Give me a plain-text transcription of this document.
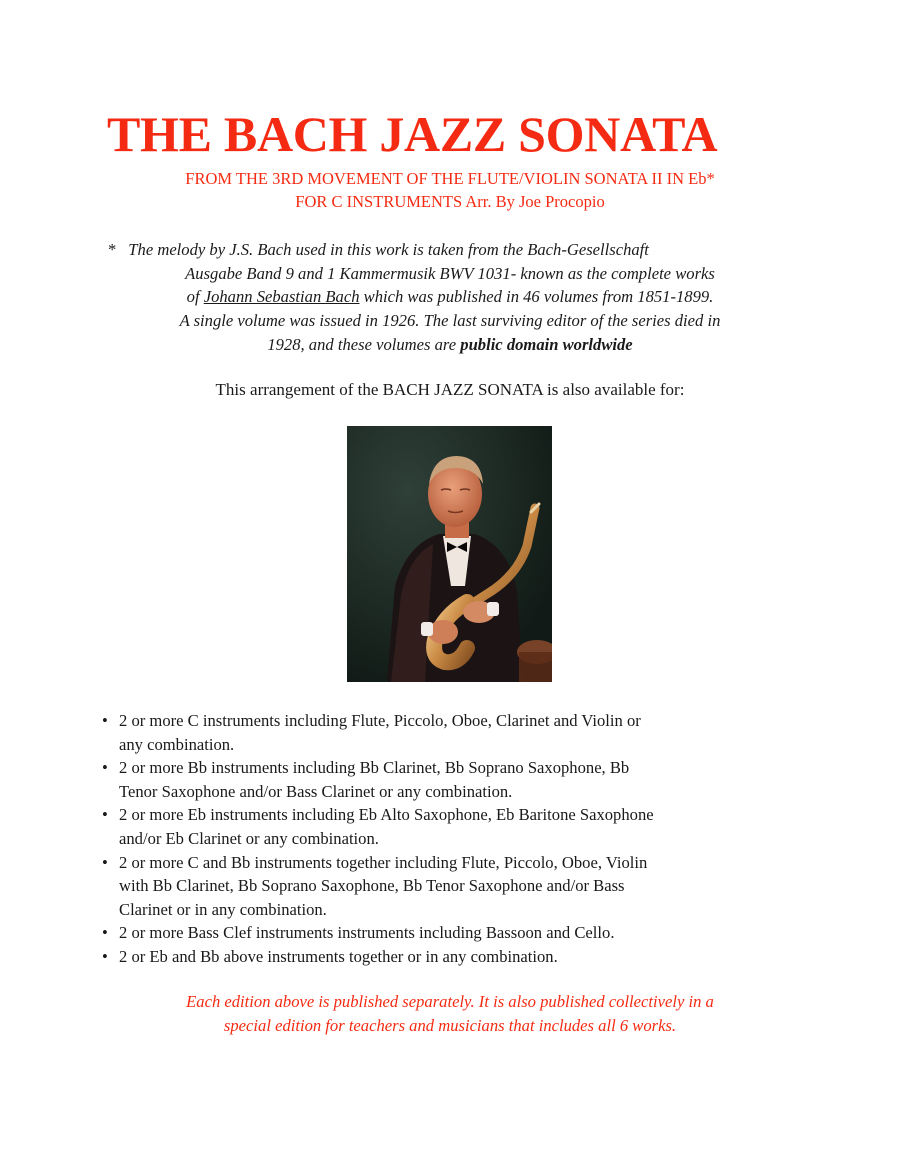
THE BACH JAZZ SONATA
FROM THE 3RD MOVEMENT OF THE FLUTE/VIOLIN SONATA II IN Eb*
FOR C INSTRUMENTS Arr. By Joe Procopio
* The melody by J.S. Bach used in this work is taken from the Bach-Gesellschaft
Ausgabe Band 9 and 1 Kammermusik BWV 1031- known as the complete works
of Johann Sebastian Bach which was published in 46 volumes from 1851-1899.
A single volume was issued in 1926. The last surviving editor of the series died in
1928, and these volumes are public domain worldwide
This arrangement of the BACH JAZZ SONATA is also available for:
• 2 or more C instruments including Flute, Piccolo, Oboe, Clarinet and Violin or
any combination.
• 2 or more Bb instruments including Bb Clarinet, Bb Soprano Saxophone, Bb
Tenor Saxophone and/or Bass Clarinet or any combination.
• 2 or more Eb instruments including Eb Alto Saxophone, Eb Baritone Saxophone
and/or Eb Clarinet or any combination.
• 2 or more C and Bb instruments together including Flute, Piccolo, Oboe, Violin
with Bb Clarinet, Bb Soprano Saxophone, Bb Tenor Saxophone and/or Bass
Clarinet or in any combination.
• 2 or more Bass Clef instruments instruments including Bassoon and Cello.
• 2 or Eb and Bb above instruments together or in any combination.
Each edition above is published separately. It is also published collectively in a
special edition for teachers and musicians that includes all 6 works.
